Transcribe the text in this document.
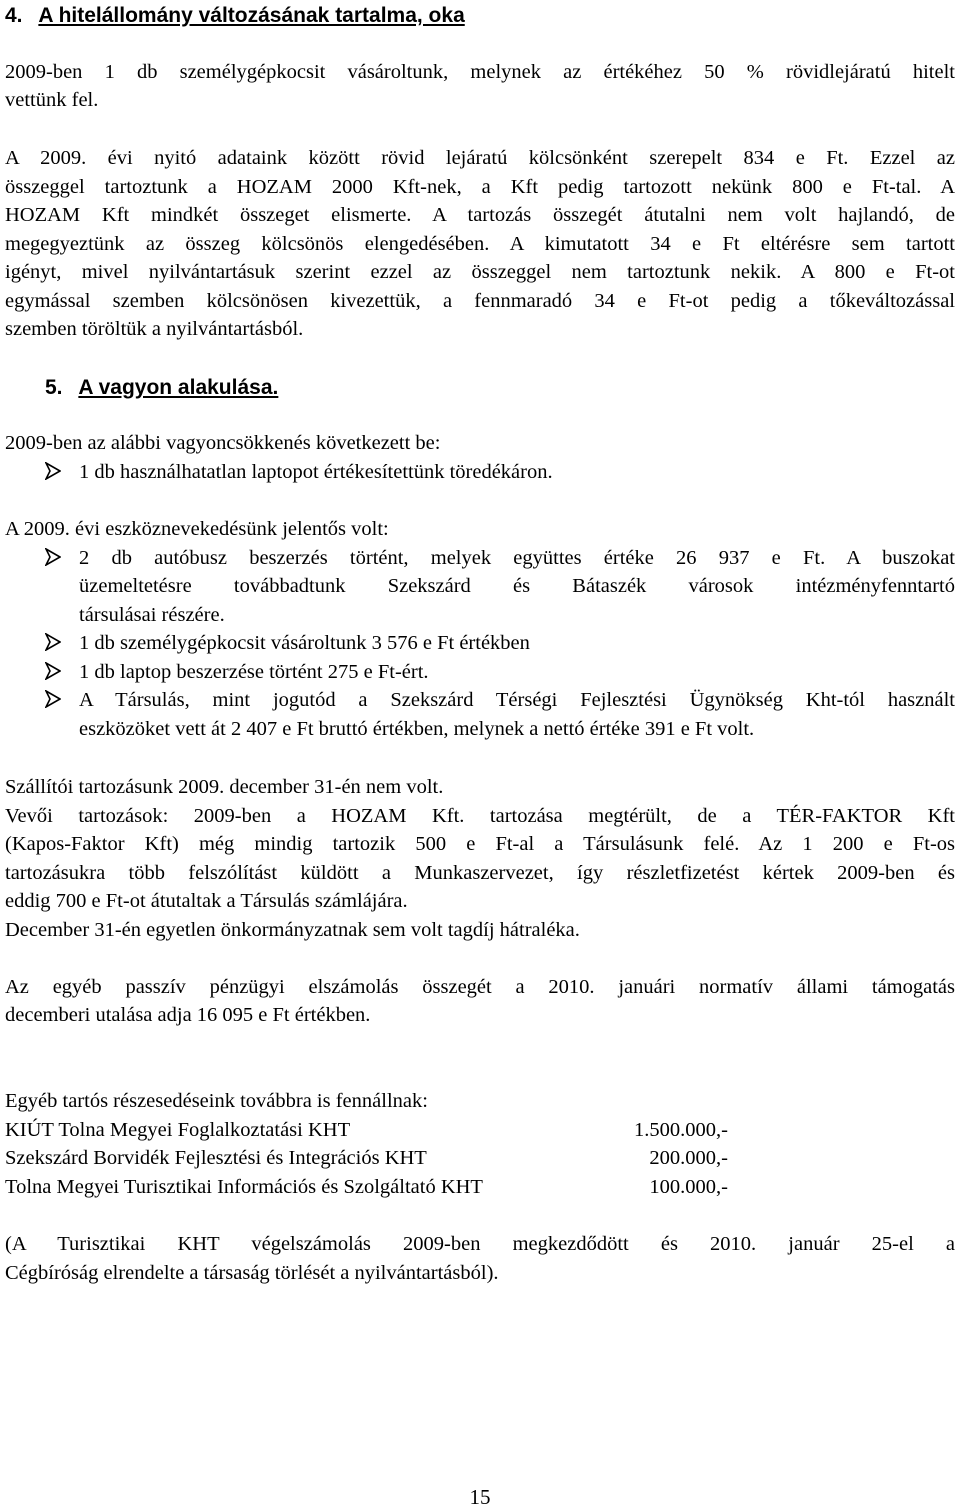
4. A hitelállomány változásának tartalma, oka
2009-ben 1 db személygépkocsit vásároltunk, melynek az értékéhez 50 % rövidlejáratú hitelt
vettünk fel.
A 2009. évi nyitó adataink között rövid lejáratú kölcsönként szerepelt 834 e Ft. Ezzel az
összeggel tartoztunk a HOZAM 2000 Kft-nek, a Kft pedig tartozott nekünk 800 e Ft-tal. A
HOZAM Kft mindkét összeget elismerte. A tartozás összegét átutalni nem volt hajlandó, de
megegyeztünk az összeg kölcsönös elengedésében. A kimutatott 34 e Ft eltérésre sem tartott
igényt, mivel nyilvántartásuk szerint ezzel az összeggel nem tartoztunk nekik. A 800 e Ft-ot
egymással szemben kölcsönösen kivezettük, a fennmaradó 34 e Ft-ot pedig a tőkeváltozással
szemben töröltük a nyilvántartásból.
5. A vagyon alakulása.
2009-ben az alábbi vagyoncsökkenés következett be:
1 db használhatatlan laptopot értékesítettünk töredékáron.
A 2009. évi eszköznevekedésünk jelentős volt:
2 db autóbusz beszerzés történt, melyek együttes értéke 26 937 e Ft. A buszokat
üzemeltetésre továbbadtunk Szekszárd és Bátaszék városok intézményfenntartó
társulásai részére.
1 db személygépkocsit vásároltunk 3 576 e Ft értékben
1 db laptop beszerzése történt 275 e Ft-ért.
A Társulás, mint jogutód a Szekszárd Térségi Fejlesztési Ügynökség Kht-tól használt
eszközöket vett át 2 407 e Ft bruttó értékben, melynek a nettó értéke 391 e Ft volt.
Szállítói tartozásunk 2009. december 31-én nem volt.
Vevői tartozások: 2009-ben a HOZAM Kft. tartozása megtérült, de a TÉR-FAKTOR Kft
(Kapos-Faktor Kft) még mindig tartozik 500 e Ft-al a Társulásunk felé. Az 1 200 e Ft-os
tartozásukra több felszólítást küldött a Munkaszervezet, így részletfizetést kértek 2009-ben és
eddig 700 e Ft-ot átutaltak a Társulás számlájára.
December 31-én egyetlen önkormányzatnak sem volt tagdíj hátraléka.
Az egyéb passzív pénzügyi elszámolás összegét a 2010. januári normatív állami támogatás
decemberi utalása adja 16 095 e Ft értékben.
Egyéb tartós részesedéseink továbbra is fennállnak:
KIÚT Tolna Megyei Foglalkoztatási KHT	1.500.000,-
Szekszárd Borvidék Fejlesztési és Integrációs KHT	200.000,-
Tolna Megyei Turisztikai Információs és Szolgáltató KHT	100.000,-
(A Turisztikai KHT végelszámolás 2009-ben megkezdődött és 2010. január 25-el a
Cégbíróság elrendelte a társaság törlését a nyilvántartásból).
15
